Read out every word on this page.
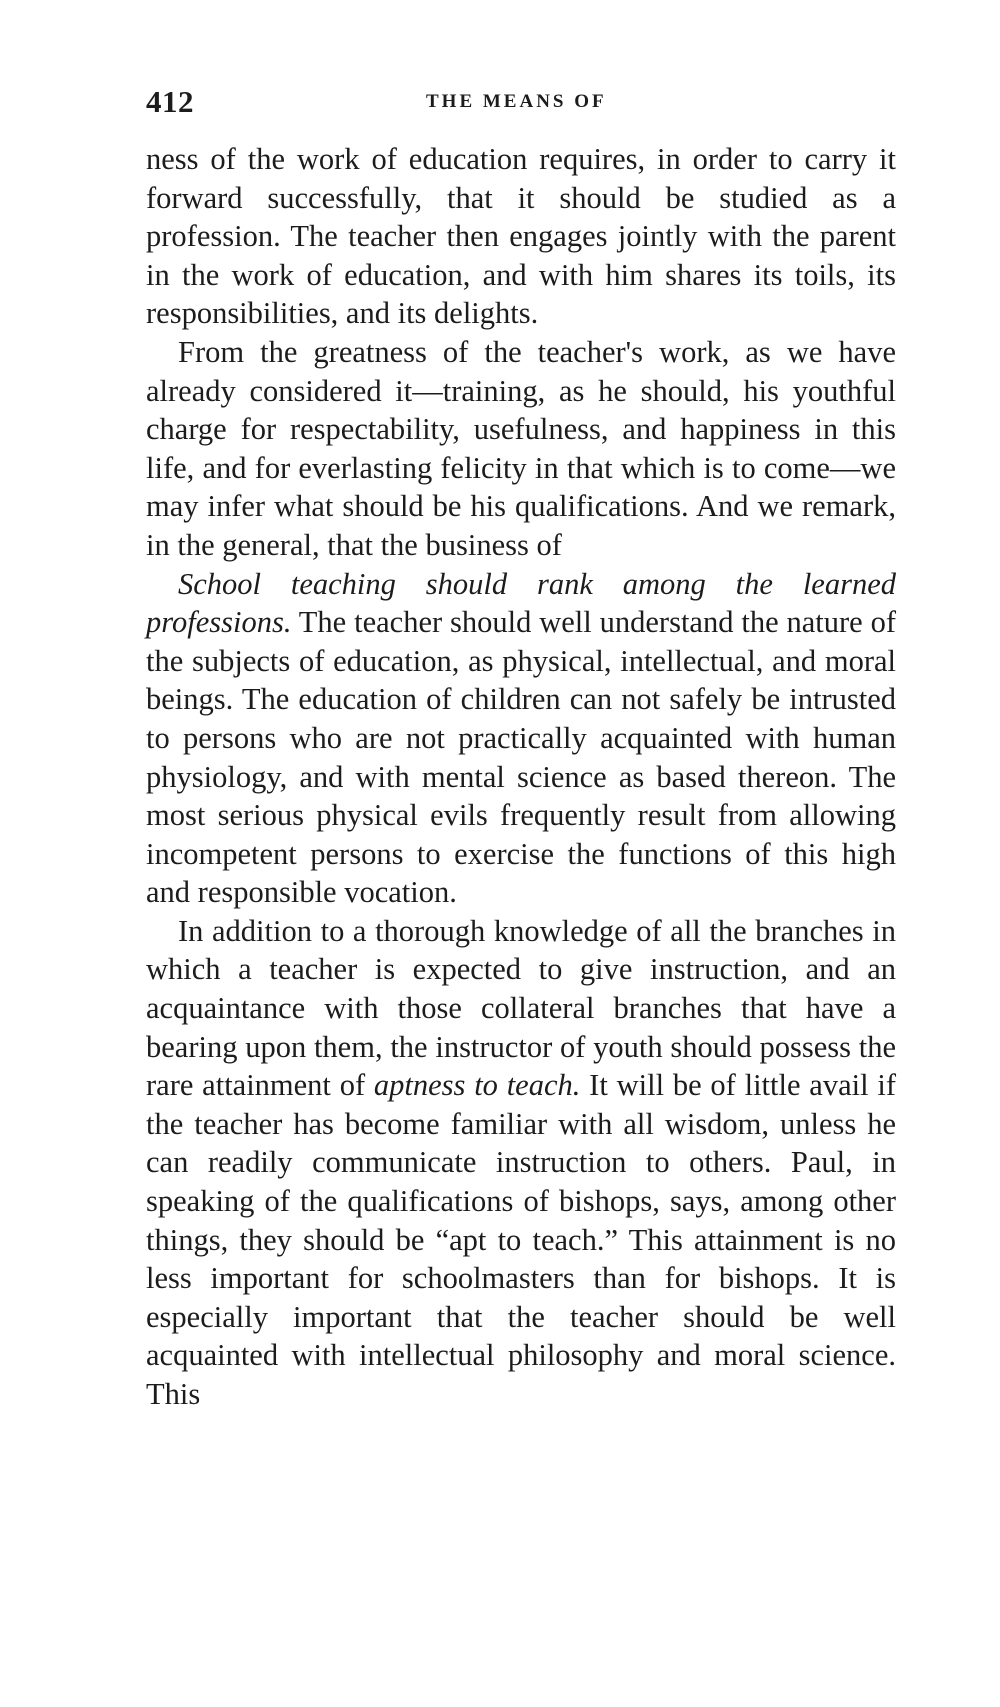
412	THE MEANS OF

ness of the work of education requires, in order to carry it forward successfully, that it should be studied as a profession. The teacher then engages jointly with the parent in the work of education, and with him shares its toils, its responsibilities, and its delights.

From the greatness of the teacher's work, as we have already considered it—training, as he should, his youthful charge for respectability, usefulness, and happiness in this life, and for everlasting felicity in that which is to come—we may infer what should be his qualifications. And we remark, in the general, that the business of

School teaching should rank among the learned professions. The teacher should well understand the nature of the subjects of education, as physical, intellectual, and moral beings. The education of children can not safely be intrusted to persons who are not practically acquainted with human physiology, and with mental science as based thereon. The most serious physical evils frequently result from allowing incompetent persons to exercise the functions of this high and responsible vocation.

In addition to a thorough knowledge of all the branches in which a teacher is expected to give instruction, and an acquaintance with those collateral branches that have a bearing upon them, the instructor of youth should possess the rare attainment of aptness to teach. It will be of little avail if the teacher has become familiar with all wisdom, unless he can readily communicate instruction to others. Paul, in speaking of the qualifications of bishops, says, among other things, they should be “apt to teach.” This attainment is no less important for schoolmasters than for bishops. It is especially important that the teacher should be well acquainted with intellectual philosophy and moral science. This
